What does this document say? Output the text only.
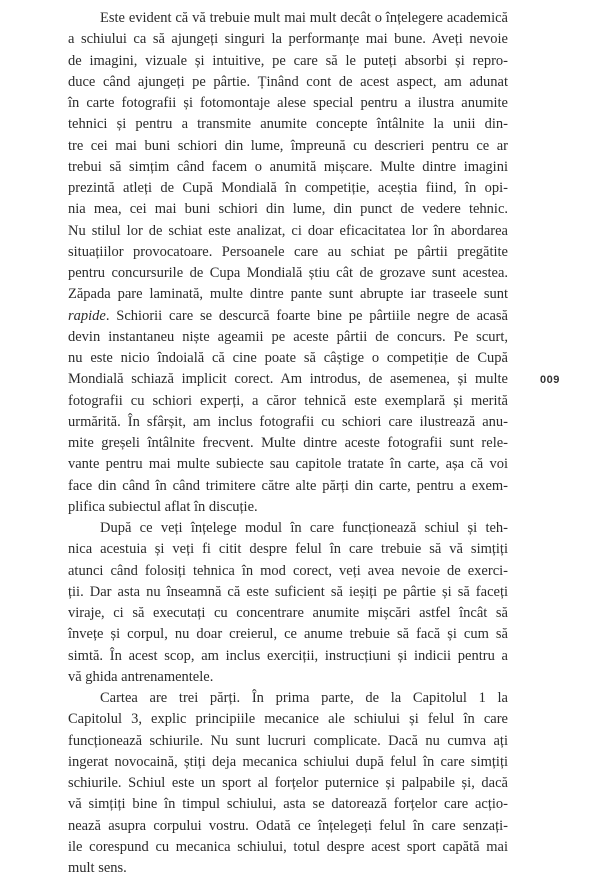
Este evident că vă trebuie mult mai mult decât o înțelegere academică
a schiului ca să ajungeți singuri la performanțe mai bune. Aveți nevoie
de imagini, vizuale și intuitive, pe care să le puteți absorbi și repro-
duce când ajungeți pe pârtie. Ținând cont de acest aspect, am adunat
în carte fotografii și fotomontaje alese special pentru a ilustra anumite
tehnici și pentru a transmite anumite concepte întâlnite la unii din-
tre cei mai buni schiori din lume, împreună cu descrieri pentru ce ar
trebui să simțim când facem o anumită mișcare. Multe dintre imagini
prezintă atleți de Cupă Mondială în competiție, aceștia fiind, în opi-
nia mea, cei mai buni schiori din lume, din punct de vedere tehnic.
Nu stilul lor de schiat este analizat, ci doar eficacitatea lor în abordarea
situațiilor provocatoare. Persoanele care au schiat pe pârtii pregătite
pentru concursurile de Cupa Mondială știu cât de grozave sunt acestea.
Zăpada pare laminată, multe dintre pante sunt abrupte iar traseele sunt
rapide. Schiorii care se descurcă foarte bine pe pârtiile negre de acasă
devin instantaneu niște ageamii pe aceste pârtii de concurs. Pe scurt,
nu este nicio îndoială că cine poate să câștige o competiție de Cupă
Mondială schiază implicit corect. Am introdus, de asemenea, și multe
fotografii cu schiori experți, a căror tehnică este exemplară și merită
urmărită. În sfârșit, am inclus fotografii cu schiori care ilustrează anu-
mite greșeli întâlnite frecvent. Multe dintre aceste fotografii sunt rele-
vante pentru mai multe subiecte sau capitole tratate în carte, așa că voi
face din când în când trimitere către alte părți din carte, pentru a exem-
plifica subiectul aflat în discuție.
După ce veți înțelege modul în care funcționează schiul și teh-
nica acestuia și veți fi citit despre felul în care trebuie să vă simțiți
atunci când folosiți tehnica în mod corect, veți avea nevoie de exerci-
ții. Dar asta nu înseamnă că este suficient să ieșiți pe pârtie și să faceți
viraje, ci să executați cu concentrare anumite mișcări astfel încât să
învețe și corpul, nu doar creierul, ce anume trebuie să facă și cum să
simtă. În acest scop, am inclus exerciții, instrucțiuni și indicii pentru a
vă ghida antrenamentele.
Cartea are trei părți. În prima parte, de la Capitolul 1 la
Capitolul 3, explic principiile mecanice ale schiului și felul în care
funcționează schiurile. Nu sunt lucruri complicate. Dacă nu cumva ați
ingerat novocaină, știți deja mecanica schiului după felul în care simțiți
schiurile. Schiul este un sport al forțelor puternice și palpabile și, dacă
vă simțiți bine în timpul schiului, asta se datorează forțelor care acțio-
nează asupra corpului vostru. Odată ce înțelegeți felul în care senzați-
ile corespund cu mecanica schiului, totul despre acest sport capătă mai
mult sens.
009
